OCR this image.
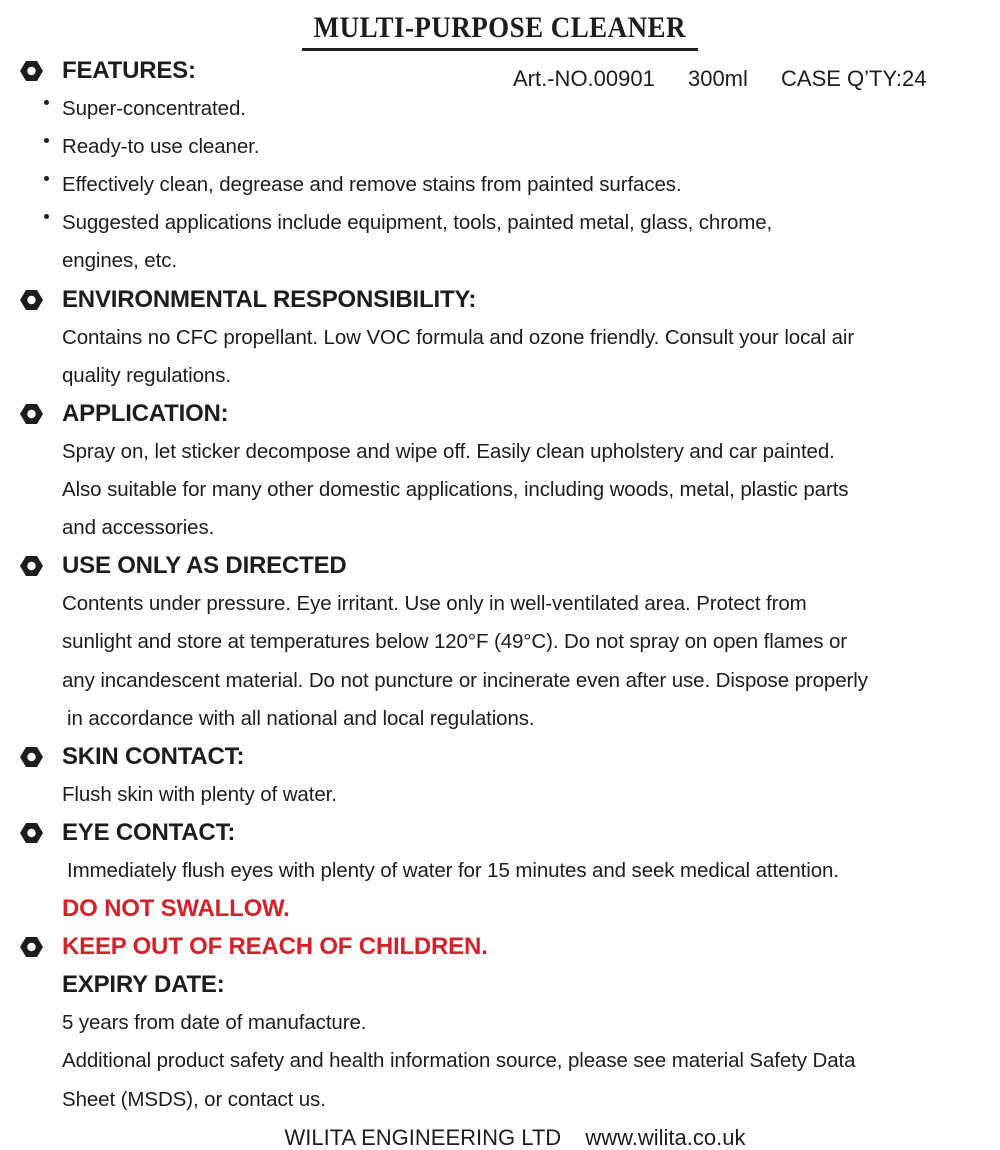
MULTI-PURPOSE CLEANER
Art.-NO.00901 300ml CASE Q’TY:24
FEATURES:
Super-concentrated.
Ready-to use cleaner.
Effectively clean, degrease and remove stains from painted surfaces.
Suggested applications include equipment, tools, painted metal, glass, chrome,
engines, etc.
ENVIRONMENTAL RESPONSIBILITY:
Contains no CFC propellant. Low VOC formula and ozone friendly. Consult your local air
quality regulations.
APPLICATION:
Spray on, let sticker decompose and wipe off. Easily clean upholstery and car painted.
Also suitable for many other domestic applications, including woods, metal, plastic parts
and accessories.
USE ONLY AS DIRECTED
Contents under pressure. Eye irritant. Use only in well-ventilated area. Protect from
sunlight and store at temperatures below 120°F (49°C). Do not spray on open flames or
any incandescent material. Do not puncture or incinerate even after use. Dispose properly
in accordance with all national and local regulations.
SKIN CONTACT:
Flush skin with plenty of water.
EYE CONTACT:
Immediately flush eyes with plenty of water for 15 minutes and seek medical attention.
DO NOT SWALLOW.
KEEP OUT OF REACH OF CHILDREN.
EXPIRY DATE:
5 years from date of manufacture.
Additional product safety and health information source, please see material Safety Data
Sheet (MSDS), or contact us.
WILITA ENGINEERING LTD www.wilita.co.uk
